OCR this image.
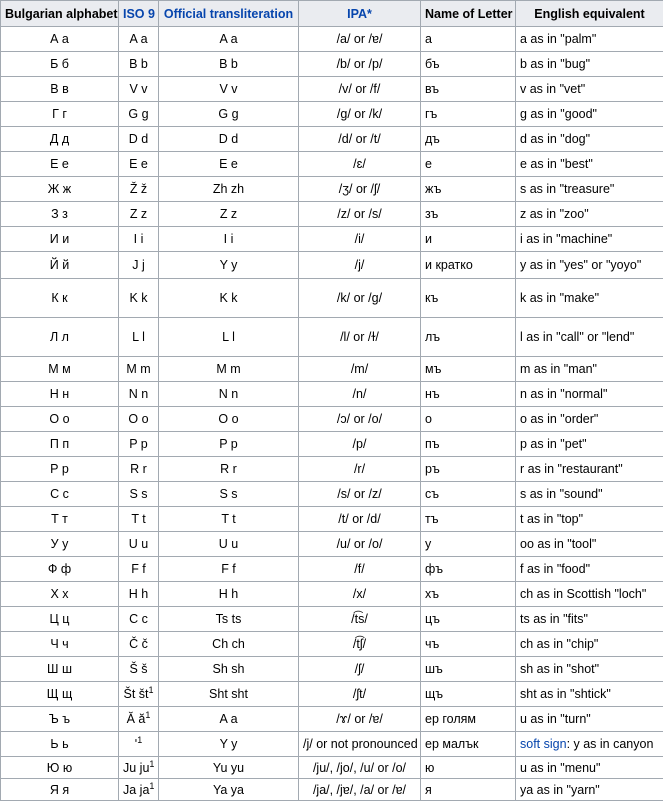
Bulgarian alphabet	ISO 9	Official transliteration	IPA*	Name of Letter	English equivalent
А а	A a	A a	/a/ or /ɐ/	а	a as in "palm"
Б б	B b	B b	/b/ or /p/	бъ	b as in "bug"
В в	V v	V v	/v/ or /f/	въ	v as in "vet"
Г г	G g	G g	/g/ or /k/	гъ	g as in "good"
Д д	D d	D d	/d/ or /t/	дъ	d as in "dog"
Е е	E e	E e	/ɛ/	е	e as in "best"
Ж ж	Ž ž	Zh zh	/ʒ/ or /ʃ/	жъ	s as in "treasure"
З з	Z z	Z z	/z/ or /s/	зъ	z as in "zoo"
И и	I i	I i	/i/	и	i as in "machine"
Й й	J j	Y y	/j/	и кратко	y as in "yes" or "yoyo"
К к	K k	K k	/k/ or /g/	къ	k as in "make"
Л л	L l	L l	/l/ or /ɫ/	лъ	l as in "call" or "lend"
М м	M m	M m	/m/	мъ	m as in "man"
Н н	N n	N n	/n/	нъ	n as in "normal"
О о	O o	O o	/ɔ/ or /o/	о	o as in "order"
П п	P p	P p	/p/	пъ	p as in "pet"
Р р	R r	R r	/r/	ръ	r as in "restaurant"
С с	S s	S s	/s/ or /z/	съ	s as in "sound"
Т т	T t	T t	/t/ or /d/	тъ	t as in "top"
У у	U u	U u	/u/ or /o/	у	oo as in "tool"
Ф ф	F f	F f	/f/	фъ	f as in "food"
Х х	H h	H h	/x/	хъ	ch as in Scottish "loch"
Ц ц	C c	Ts ts	/t͡s/	цъ	ts as in "fits"
Ч ч	Č č	Ch ch	/t͡ʃ/	чъ	ch as in "chip"
Ш ш	Š š	Sh sh	/ʃ/	шъ	sh as in "shot"
Щ щ	Št $št^1$	Sht sht	/ʃt/	щъ	sht as in "shtick"
Ъ ъ	Ă $ă^1$	A a	/ɤ/ or /ɐ/	ер голям	u as in "turn"
Ь ь	ʹ$^1$	Y y	/j/ or not pronounced	ер малък	soft sign: y as in canyon
Ю ю	Ju $ju^1$	Yu yu	/ju/, /jo/, /u/ or /o/	ю	u as in "menu"
Я я	Ja $ja^1$	Ya ya	/ja/, /jɐ/, /a/ or /ɐ/	я	ya as in "yarn"
